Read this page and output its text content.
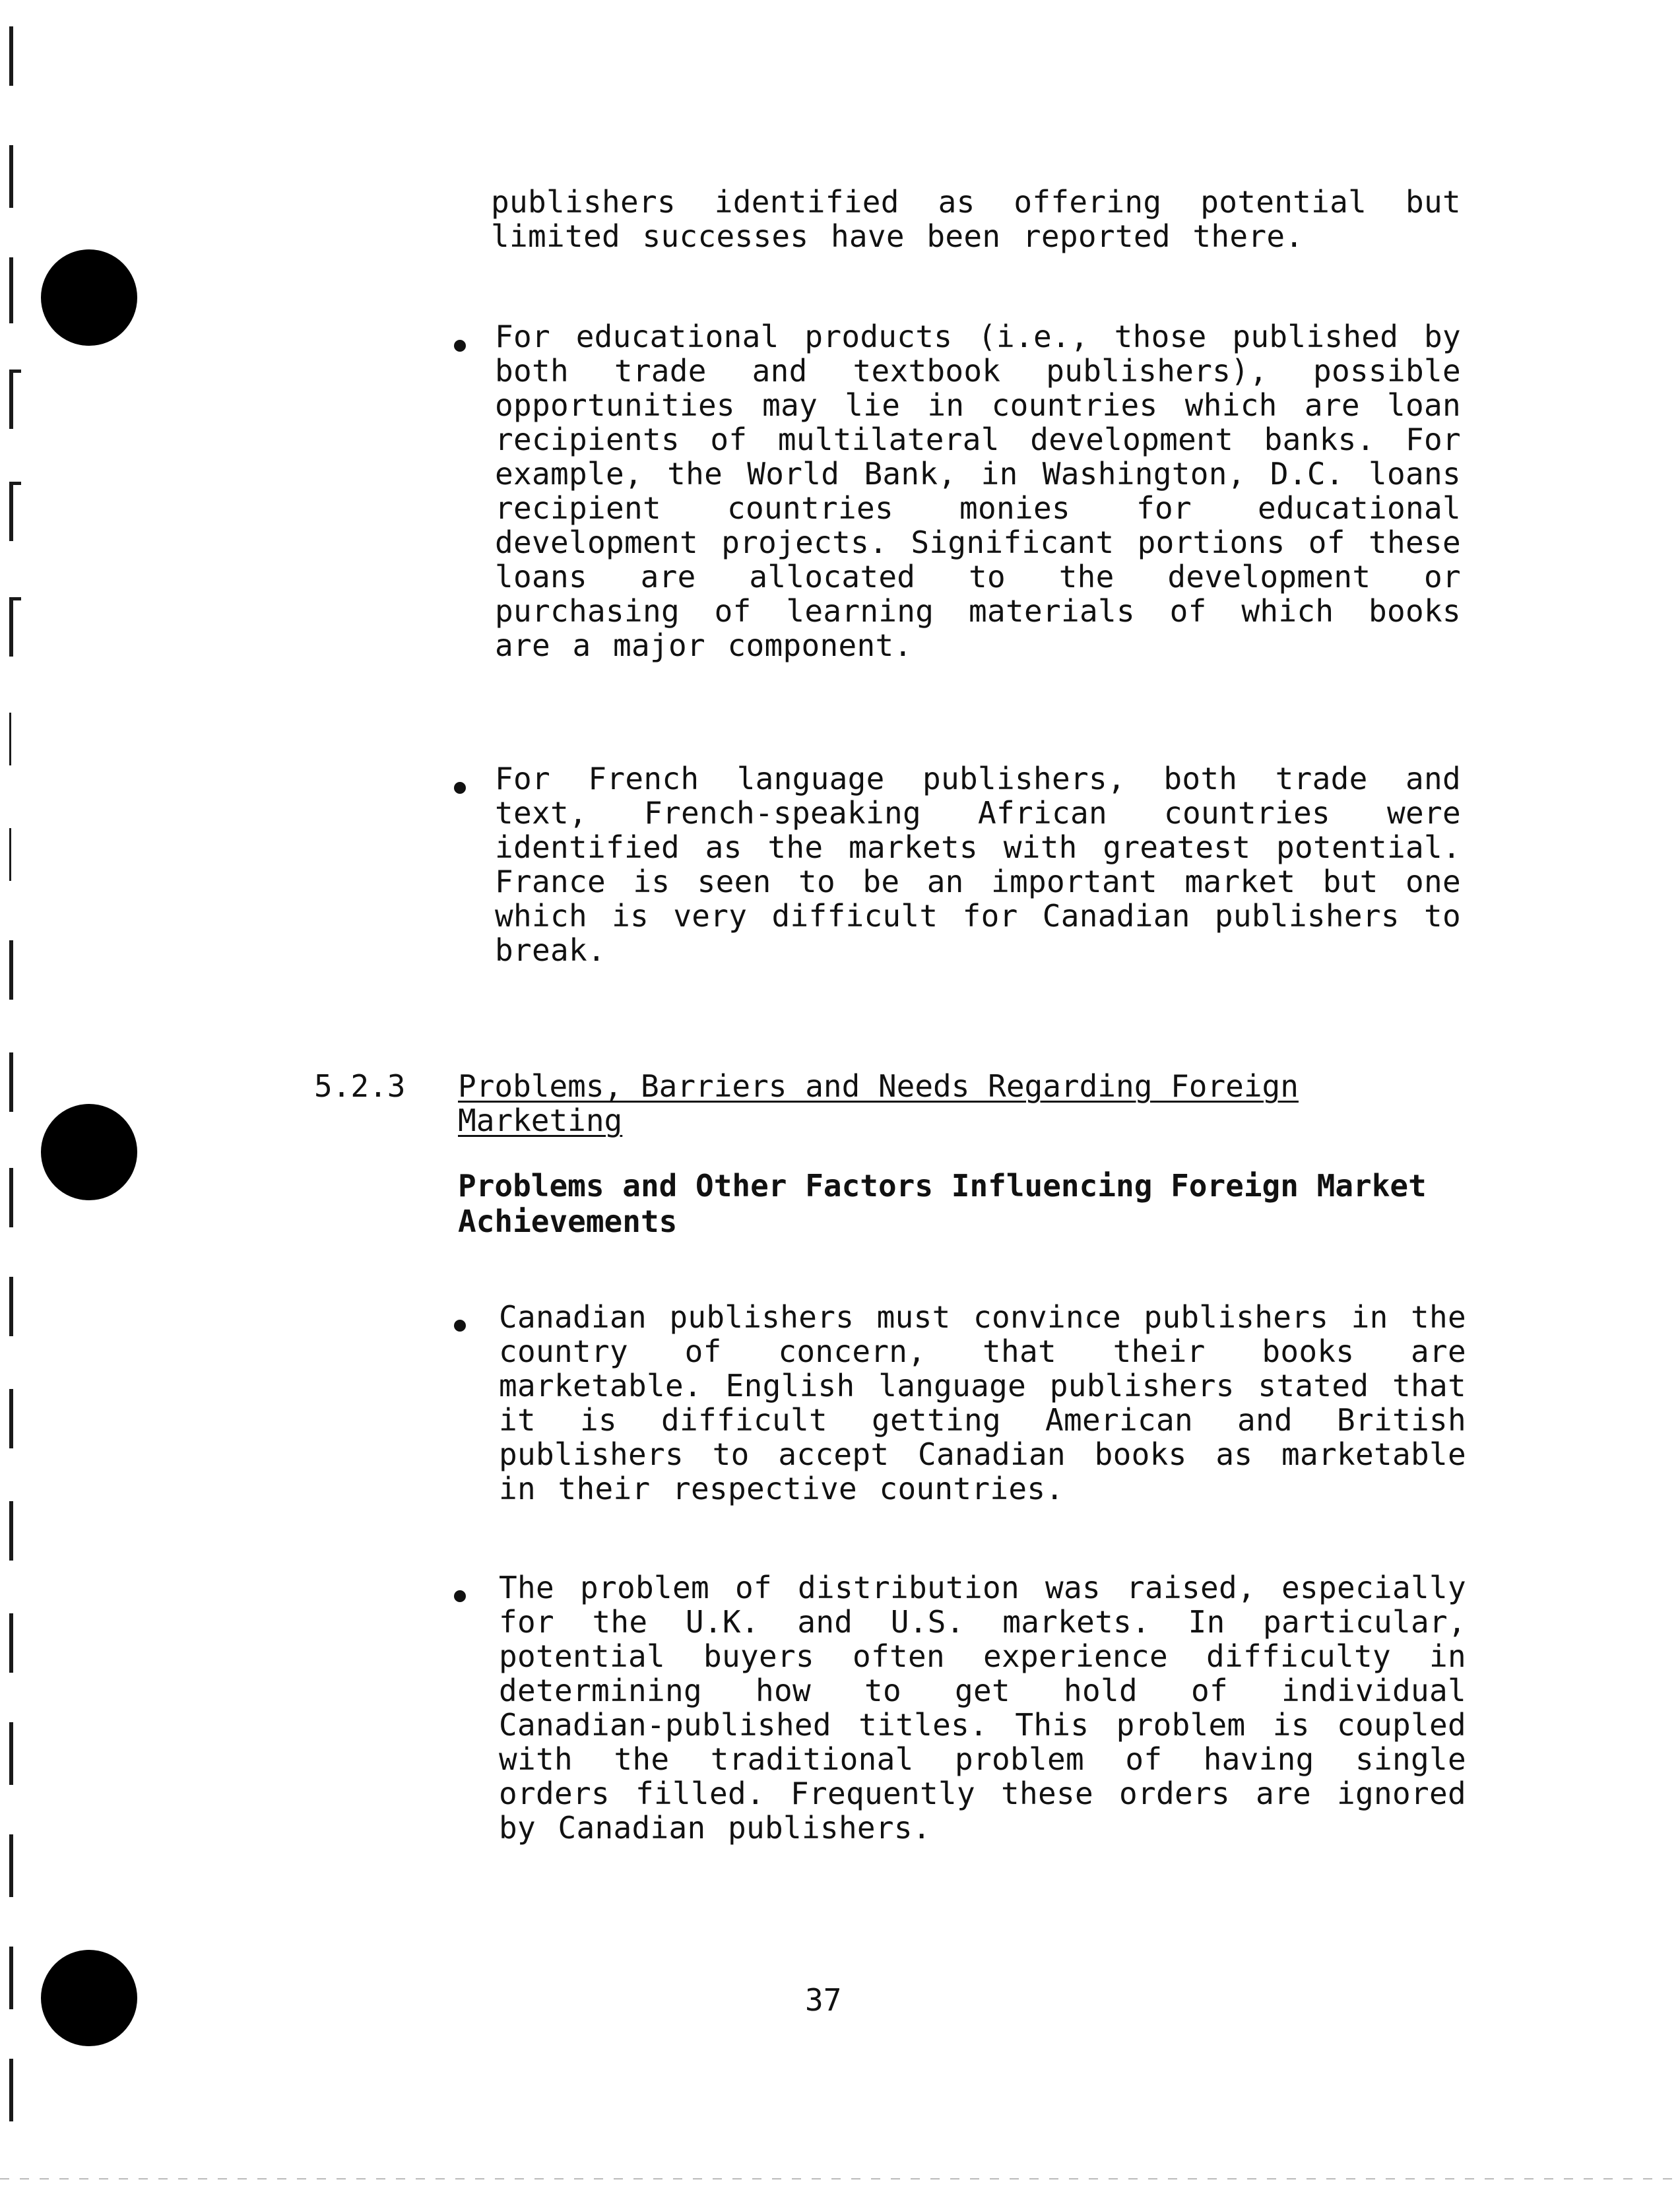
publishers identified as offering potential but limited successes have been reported there.
For educational products (i.e., those published by both trade and textbook publishers), possible opportunities may lie in countries which are loan recipients of multilateral development banks. For example, the World Bank, in Washington, D.C. loans recipient countries monies for educational development projects. Significant portions of these loans are allocated to the development or purchasing of learning materials of which books are a major component.
For French language publishers, both trade and text, French-speaking African countries were identified as the markets with greatest potential. France is seen to be an important market but one which is very difficult for Canadian publishers to break.
5.2.3 Problems, Barriers and Needs Regarding Foreign Marketing
Problems and Other Factors Influencing Foreign Market Achievements
Canadian publishers must convince publishers in the country of concern, that their books are marketable. English language publishers stated that it is difficult getting American and British publishers to accept Canadian books as marketable in their respective countries.
The problem of distribution was raised, especially for the U.K. and U.S. markets. In particular, potential buyers often experience difficulty in determining how to get hold of individual Canadian-published titles. This problem is coupled with the traditional problem of having single orders filled. Frequently these orders are ignored by Canadian publishers.
37
